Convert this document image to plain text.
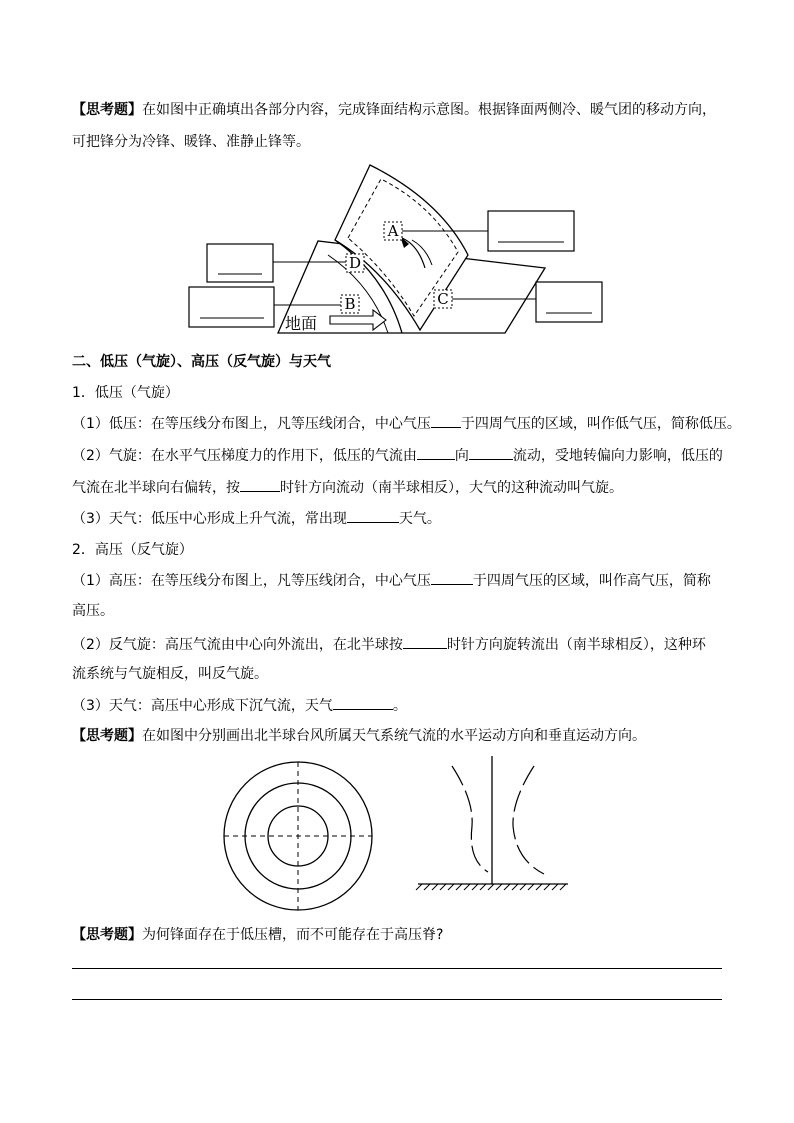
【思考题】在如图中正确填出各部分内容，完成锋面结构示意图。根据锋面两侧冷、暖气团的移动方向，
可把锋分为冷锋、暖锋、准静止锋等。
A
D
B	C
地面
二、低压（气旋）、高压（反气旋）与天气
1．低压（气旋）
（1）低压：在等压线分布图上，凡等压线闭合，中心气压 于四周气压的区域，叫作低气压，简称低压。
（2）气旋：在水平气压梯度力的作用下，低压的气流由	向	流动，受地转偏向力影响，低压的
气流在北半球向右偏转，按	时针方向流动（南半球相反），大气的这种流动叫气旋。
（3）天气：低压中心形成上升气流，常出现	天气。
2．高压（反气旋）
（1）高压：在等压线分布图上，凡等压线闭合，中心气压	于四周气压的区域，叫作高气压，简称
高压。
（2）反气旋：高压气流由中心向外流出，在北半球按	时针方向旋转流出（南半球相反），这种环
流系统与气旋相反，叫反气旋。
（3）天气：高压中心形成下沉气流，天气	。
【思考题】在如图中分别画出北半球台风所属天气系统气流的水平运动方向和垂直运动方向。
【思考题】为何锋面存在于低压槽，而不可能存在于高压脊?
